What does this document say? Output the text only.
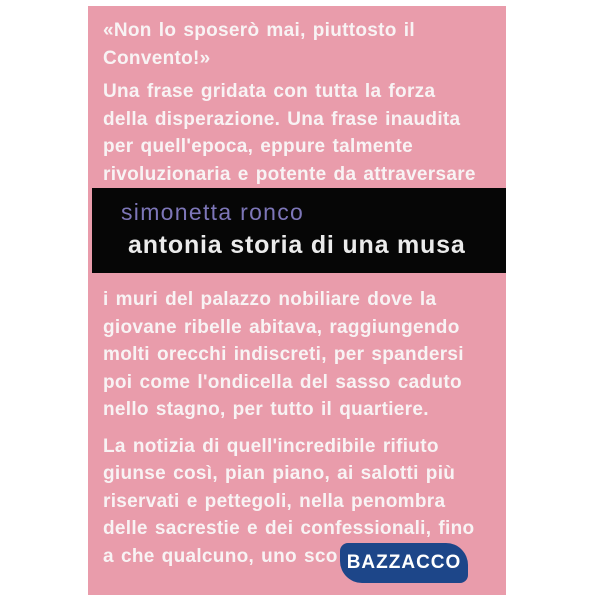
«Non lo sposerò mai, piuttosto il
Convento!»
Una frase gridata con tutta la forza
della disperazione. Una frase inaudita
per quell'epoca, eppure talmente
rivoluzionaria e potente da attraversare
simonetta ronco
antonia storia di una musa
i muri del palazzo nobiliare dove la
giovane ribelle abitava, raggiungendo
molti orecchi indiscreti, per spandersi
poi come l'ondicella del sasso caduto
nello stagno, per tutto il quartiere.
La notizia di quell'incredibile rifiuto
giunse così, pian piano, ai salotti più
riservati e pettegoli, nella penombra
delle sacrestie e dei confessionali, fino
a che qualcuno, uno sco BAZZACCO
